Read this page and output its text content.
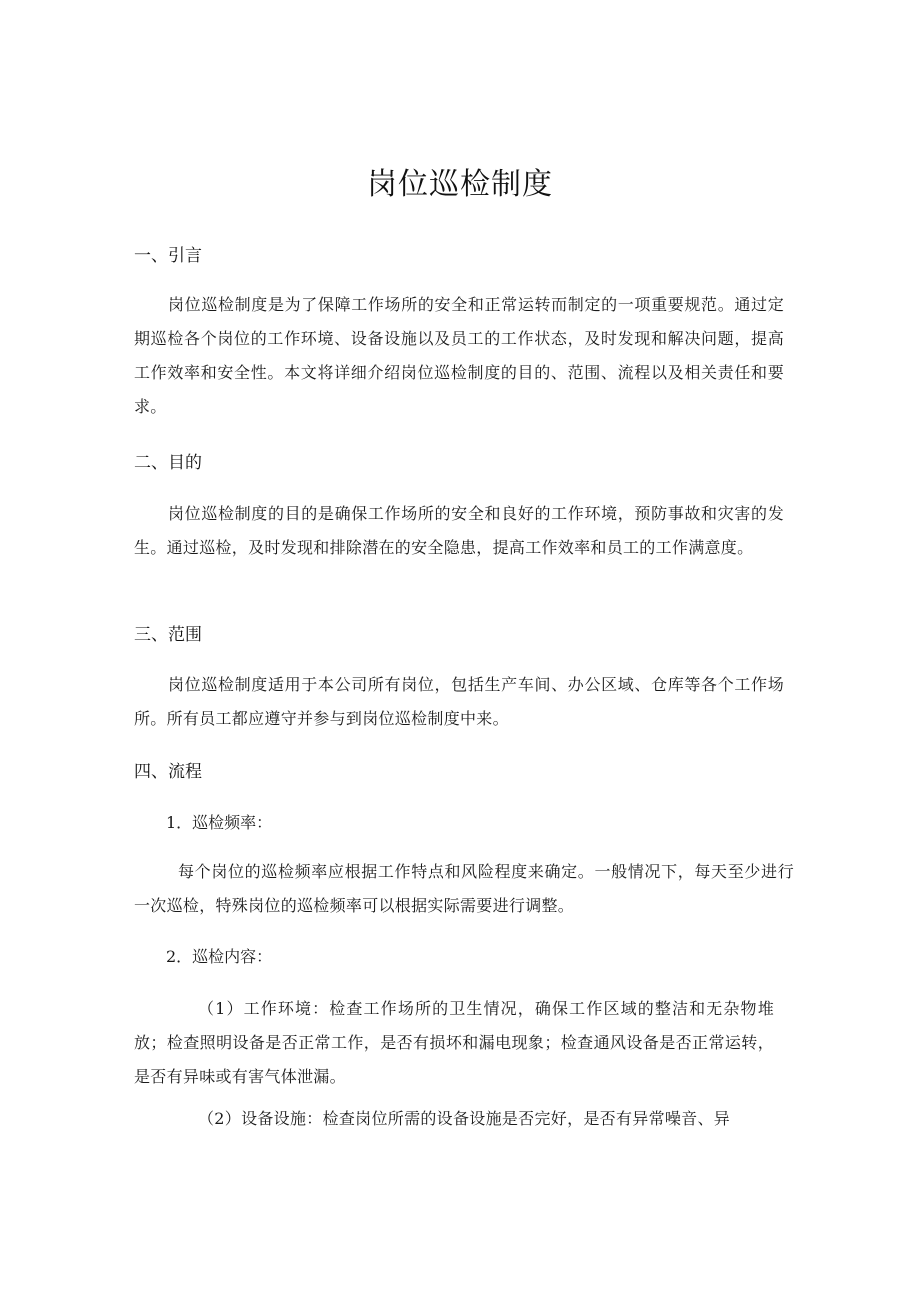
岗位巡检制度
一、引言
岗位巡检制度是为了保障工作场所的安全和正常运转而制定的一项重要规范。通过定期巡检各个岗位的工作环境、设备设施以及员工的工作状态，及时发现和解决问题，提高工作效率和安全性。本文将详细介绍岗位巡检制度的目的、范围、流程以及相关责任和要求。
二、目的
岗位巡检制度的目的是确保工作场所的安全和良好的工作环境，预防事故和灾害的发生。通过巡检，及时发现和排除潜在的安全隐患，提高工作效率和员工的工作满意度。
三、范围
岗位巡检制度适用于本公司所有岗位，包括生产车间、办公区域、仓库等各个工作场所。所有员工都应遵守并参与到岗位巡检制度中来。
四、流程
1．巡检频率：
每个岗位的巡检频率应根据工作特点和风险程度来确定。一般情况下，每天至少进行一次巡检，特殊岗位的巡检频率可以根据实际需要进行调整。
2．巡检内容：
（1）工作环境：检查工作场所的卫生情况，确保工作区域的整洁和无杂物堆放；检查照明设备是否正常工作，是否有损坏和漏电现象；检查通风设备是否正常运转，是否有异味或有害气体泄漏。
（2）设备设施：检查岗位所需的设备设施是否完好，是否有异常噪音、异
